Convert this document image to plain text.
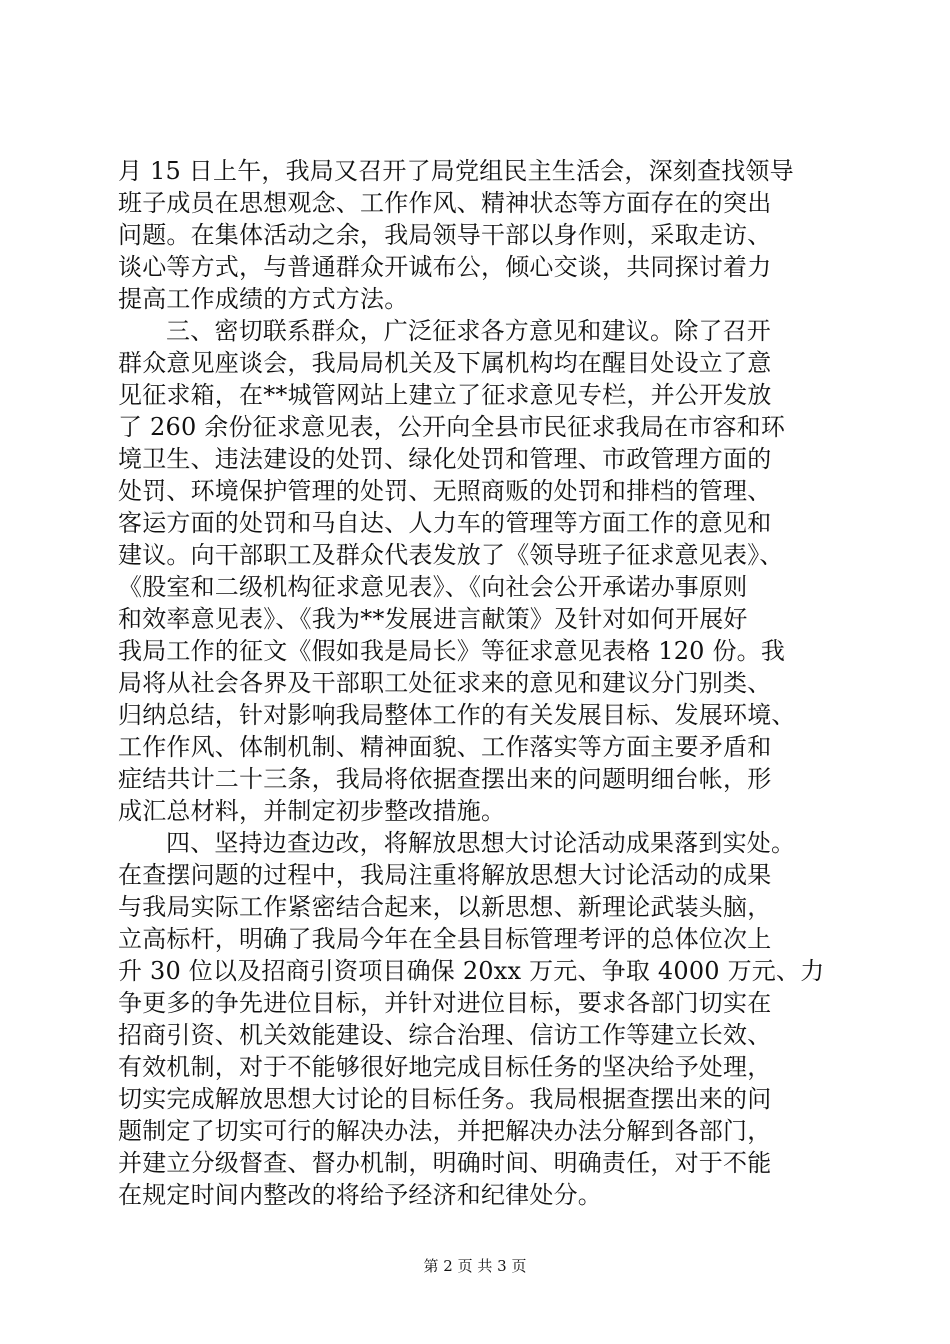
月 15 日上午，我局又召开了局党组民主生活会，深刻查找领导
班子成员在思想观念、工作作风、精神状态等方面存在的突出
问题。在集体活动之余，我局领导干部以身作则，采取走访、
谈心等方式，与普通群众开诚布公，倾心交谈，共同探讨着力
提高工作成绩的方式方法。
三、密切联系群众，广泛征求各方意见和建议。除了召开
群众意见座谈会，我局局机关及下属机构均在醒目处设立了意
见征求箱，在**城管网站上建立了征求意见专栏，并公开发放
了 260 余份征求意见表，公开向全县市民征求我局在市容和环
境卫生、违法建设的处罚、绿化处罚和管理、市政管理方面的
处罚、环境保护管理的处罚、无照商贩的处罚和排档的管理、
客运方面的处罚和马自达、人力车的管理等方面工作的意见和
建议。向干部职工及群众代表发放了《领导班子征求意见表》、
《股室和二级机构征求意见表》、《向社会公开承诺办事原则
和效率意见表》、《我为**发展进言献策》及针对如何开展好
我局工作的征文《假如我是局长》等征求意见表格 120 份。我
局将从社会各界及干部职工处征求来的意见和建议分门别类、
归纳总结，针对影响我局整体工作的有关发展目标、发展环境、
工作作风、体制机制、精神面貌、工作落实等方面主要矛盾和
症结共计二十三条，我局将依据查摆出来的问题明细台帐，形
成汇总材料，并制定初步整改措施。
四、坚持边查边改，将解放思想大讨论活动成果落到实处。
在查摆问题的过程中，我局注重将解放思想大讨论活动的成果
与我局实际工作紧密结合起来，以新思想、新理论武装头脑，
立高标杆，明确了我局今年在全县目标管理考评的总体位次上
升 30 位以及招商引资项目确保 20xx 万元、争取 4000 万元、力
争更多的争先进位目标，并针对进位目标，要求各部门切实在
招商引资、机关效能建设、综合治理、信访工作等建立长效、
有效机制，对于不能够很好地完成目标任务的坚决给予处理，
切实完成解放思想大讨论的目标任务。我局根据查摆出来的问
题制定了切实可行的解决办法，并把解决办法分解到各部门，
并建立分级督查、督办机制，明确时间、明确责任，对于不能
在规定时间内整改的将给予经济和纪律处分。
第 2 页 共 3 页
